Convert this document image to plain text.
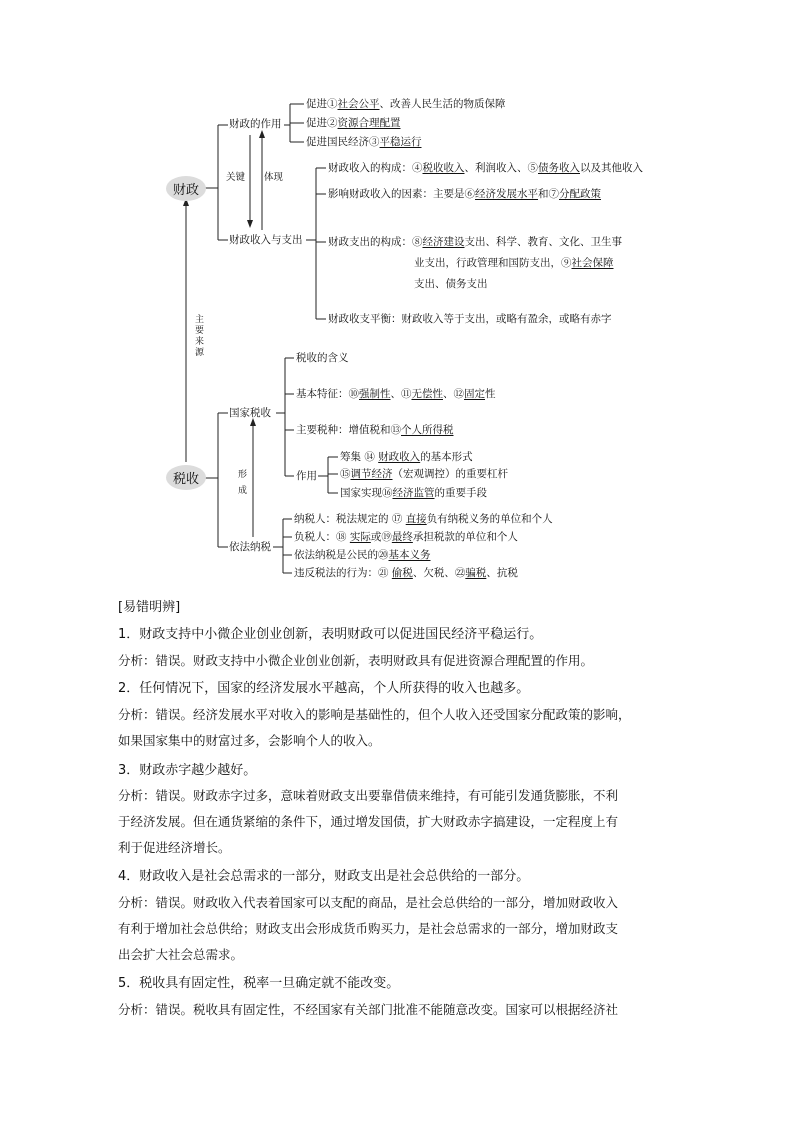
财政
税收
主要来源
关键 体现
形成
财政的作用
促进①社会公平、改善人民生活的物质保障
促进②资源合理配置
促进国民经济③平稳运行
财政收入与支出
财政收入的构成：④税收收入、利润收入、⑤债务收入以及其他收入
影响财政收入的因素：主要是⑥经济发展水平和⑦分配政策
财政支出的构成：⑧经济建设支出、科学、教育、文化、卫生事
业支出，行政管理和国防支出，⑨社会保障
支出、债务支出
财政收支平衡：财政收入等于支出，或略有盈余，或略有赤字
国家税收
税收的含义
基本特征：⑩强制性、⑪无偿性、⑫固定性
主要税种：增值税和⑬个人所得税
作用
筹集 ⑭ 财政收入的基本形式
⑮调节经济（宏观调控）的重要杠杆
国家实现⑯经济监管的重要手段
依法纳税
纳税人：税法规定的 ⑰ 直接负有纳税义务的单位和个人
负税人：⑱ 实际或⑲最终承担税款的单位和个人
依法纳税是公民的⑳基本义务
违反税法的行为：㉑ 偷税、欠税、㉒骗税、抗税
[易错明辨]
1．财政支持中小微企业创业创新，表明财政可以促进国民经济平稳运行。
分析：错误。财政支持中小微企业创业创新，表明财政具有促进资源合理配置的作用。
2．任何情况下，国家的经济发展水平越高，个人所获得的收入也越多。
分析：错误。经济发展水平对收入的影响是基础性的，但个人收入还受国家分配政策的影响，
如果国家集中的财富过多，会影响个人的收入。
3．财政赤字越少越好。
分析：错误。财政赤字过多，意味着财政支出要靠借债来维持，有可能引发通货膨胀，不利
于经济发展。但在通货紧缩的条件下，通过增发国债，扩大财政赤字搞建设，一定程度上有
利于促进经济增长。
4．财政收入是社会总需求的一部分，财政支出是社会总供给的一部分。
分析：错误。财政收入代表着国家可以支配的商品，是社会总供给的一部分，增加财政收入
有利于增加社会总供给；财政支出会形成货币购买力，是社会总需求的一部分，增加财政支
出会扩大社会总需求。
5．税收具有固定性，税率一旦确定就不能改变。
分析：错误。税收具有固定性，不经国家有关部门批准不能随意改变。国家可以根据经济社
